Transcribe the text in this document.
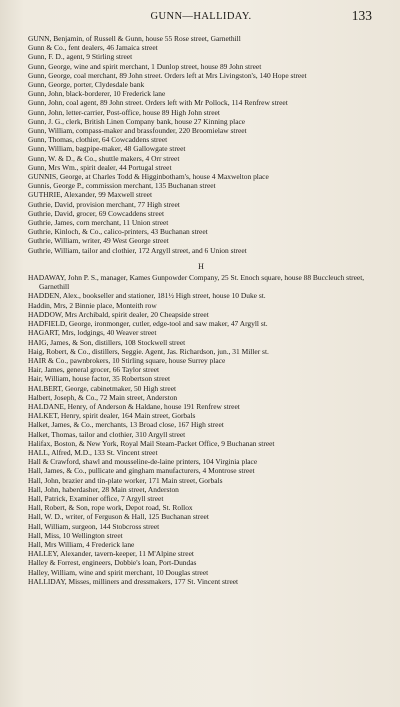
GUNN—HALLIDAY.	133
GUNN, Benjamin, of Russell & Gunn, house 55 Rose street, Garnethill
Gunn & Co., fent dealers, 46 Jamaica street
Gunn, F. D., agent, 9 Stirling street
Gunn, George, wine and spirit merchant, 1 Dunlop street, house 89 John street
Gunn, George, coal merchant, 89 John street. Orders left at Mrs Livingston's, 140 Hope street
Gunn, George, porter, Clydesdale bank
Gunn, John, black-borderer, 10 Frederick lane
Gunn, John, coal agent, 89 John street. Orders left with Mr Pollock, 114 Renfrew street
Gunn, John, letter-carrier, Post-office, house 89 High John street
Gunn, J. G., clerk, British Linen Company bank, house 27 Kinning place
Gunn, William, compass-maker and brassfounder, 220 Broomielaw street
Gunn, Thomas, clothier, 64 Cowcaddens street
Gunn, William, bagpipe-maker, 48 Gallowgate street
Gunn, W. & D., & Co., shuttle makers, 4 Orr street
Gunn, Mrs Wm., spirit dealer, 44 Portugal street
GUNNIS, George, at Charles Todd & Higginbotham's, house 4 Maxwelton place
Gunnis, George P., commission merchant, 135 Buchanan street
GUTHRIE, Alexander, 99 Maxwell street
Guthrie, David, provision merchant, 77 High street
Guthrie, David, grocer, 69 Cowcaddens street
Guthrie, James, corn merchant, 11 Union street
Guthrie, Kinloch, & Co., calico-printers, 43 Buchanan street
Guthrie, William, writer, 49 West George street
Guthrie, William, tailor and clothier, 172 Argyll street, and 6 Union street
H
HADAWAY, John P. S., manager, Kames Gunpowder Company, 25 St. Enoch square, house 88 Buccleuch street, Garnethill
HADDEN, Alex., bookseller and stationer, 181½ High street, house 10 Duke st.
Haddin, Mrs, 2 Binnie place, Monteith row
HADDOW, Mrs Archibald, spirit dealer, 20 Cheapside street
HADFIELD, George, ironmonger, cutler, edge-tool and saw maker, 47 Argyll st.
HAGART, Mrs, lodgings, 40 Weaver street
HAIG, James, & Son, distillers, 108 Stockwell street
Haig, Robert, & Co., distillers, Seggie. Agent, Jas. Richardson, jun., 31 Miller st.
HAIR & Co., pawnbrokers, 10 Stirling square, house Surrey place
Hair, James, general grocer, 66 Taylor street
Hair, William, house factor, 35 Robertson street
HALBERT, George, cabinetmaker, 50 High street
Halbert, Joseph, & Co., 72 Main street, Anderston
HALDANE, Henry, of Anderson & Haldane, house 191 Renfrew street
HALKET, Henry, spirit dealer, 164 Main street, Gorbals
Halket, James, & Co., merchants, 13 Broad close, 167 High street
Halket, Thomas, tailor and clothier, 310 Argyll street
Halifax, Boston, & New York, Royal Mail Steam-Packet Office, 9 Buchanan street
HALL, Alfred, M.D., 133 St. Vincent street
Hall & Crawford, shawl and mousseline-de-laine printers, 104 Virginia place
Hall, James, & Co., pullicate and gingham manufacturers, 4 Montrose street
Hall, John, brazier and tin-plate worker, 171 Main street, Gorbals
Hall, John, haberdasher, 28 Main street, Anderston
Hall, Patrick, Examiner office, 7 Argyll street
Hall, Robert, & Son, rope work, Depot road, St. Rollox
Hall, W. D., writer, of Ferguson & Hall, 125 Buchanan street
Hall, William, surgeon, 144 Stobcross street
Hall, Miss, 10 Wellington street
Hall, Mrs William, 4 Frederick lane
HALLEY, Alexander, tavern-keeper, 11 M'Alpine street
Halley & Forrest, engineers, Dobbie's loan, Port-Dundas
Halley, William, wine and spirit merchant, 10 Douglas street
HALLIDAY, Misses, milliners and dressmakers, 177 St. Vincent street
